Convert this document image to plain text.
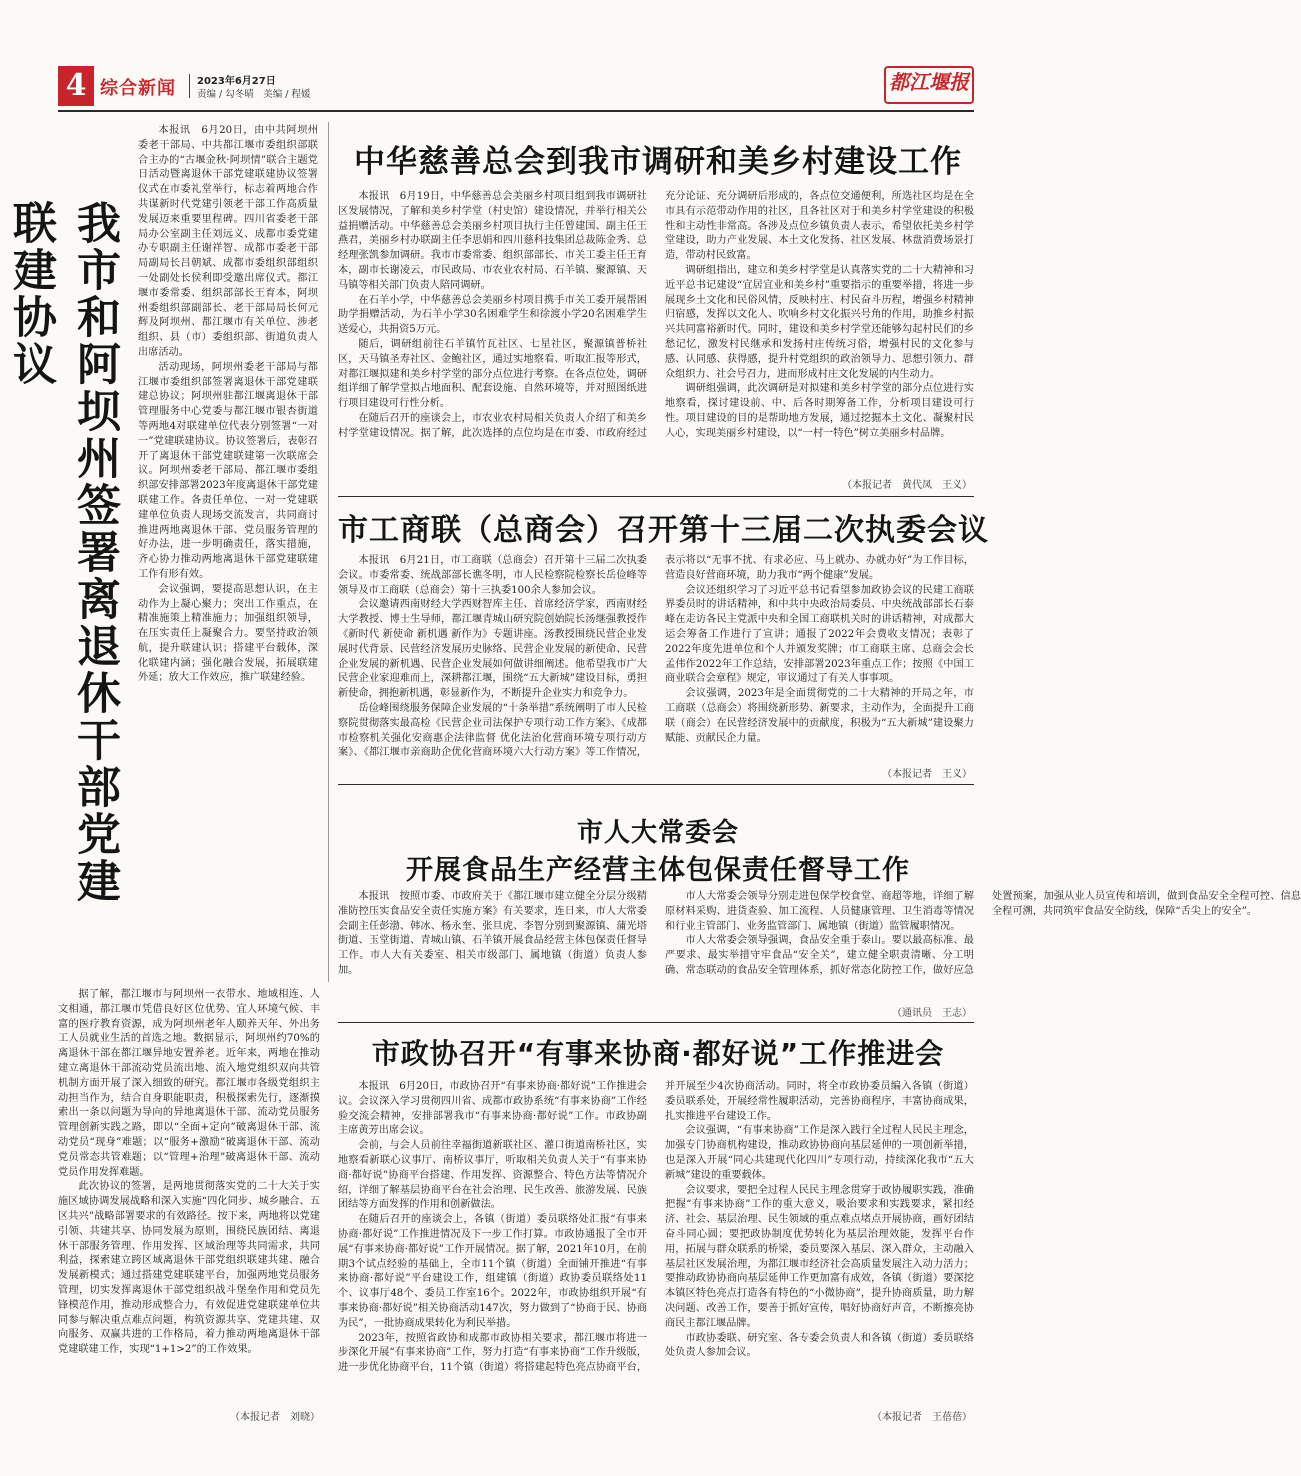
4 综合新闻 2023年6月27日
责编 / 勾冬晴　美编 / 程媛
都江堰报
我市和阿坝州签署离退休干部党建联建协议

本报讯　6月20日，由中共阿坝州委老干部局、中共都江堰市委组织部联合主办的“古堰金秋·阿坝情”联合主题党日活动暨离退休干部党建联建协议签署仪式在市委礼堂举行，标志着两地合作共谋新时代党建引领老干部工作高质量发展迈来重要里程碑。四川省委老干部局办公室副主任刘远义、成都市委党建办专职副主任谢祥智、成都市委老干部局副局长吕朝斌、成都市委组织部组织一处副处长侯利即受邀出席仪式。都江堰市委常委、组织部部长王育本，阿坝州委组织部副部长、老干部局局长何元辉及阿坝州、都江堰市有关单位、涉老组织、县（市）委组织部、街道负责人出席活动。

活动现场，阿坝州委老干部局与都江堰市委组织部签署离退休干部党建联建总协议；阿坝州驻都江堰离退休干部管理服务中心党委与都江堰市银杏街道等两地4对联建单位代表分别签署“一对一”党建联建协议。协议签署后，表彰召开了离退休干部党建联建第一次联席会议。阿坝州委老干部局、都江堰市委组织部安排部署2023年度离退休干部党建联建工作。各责任单位、一对一党建联建单位负责人现场交流发言，共同商讨推进两地离退休干部、党员服务管理的好办法，进一步明确责任，落实措施，齐心协力推动两地离退休干部党建联建工作有形有效。

会议强调，要提高思想认识，在主动作为上凝心聚力；突出工作重点，在精准施策上精准施力；加强组织领导，在压实责任上凝聚合力。要坚持政治领航，提升联建认识；搭建平台载体，深化联建内涵；强化融合发展，拓展联建外延；放大工作效应，推广联建经验。

据了解，都江堰市与阿坝州一衣带水、地域相连、人文相通，都江堰市凭借良好区位优势、宜人环境气候、丰富的医疗教育资源，成为阿坝州老年人颐养天年、外出务工人员就业生活的首选之地。数据显示，阿坝州约70%的离退休干部在都江堰异地安置养老。近年来，两地在推动建立离退休干部流动党员流出地、流入地党组织双向共管机制方面开展了深入细致的研究。都江堰市各级党组织主动担当作为，结合自身职能职责，积极探索先行，逐渐摸索出一条以问题为导向的异地离退休干部、流动党员服务管理创新实践之路，即以“全面+定向”破离退休干部、流动党员“现身”难题；以“服务+激励”破离退休干部、流动党员常态共管难题；以“管理+治理”破离退休干部、流动党员作用发挥难题。

此次协议的签署，是两地贯彻落实党的二十大关于实施区域协调发展战略和深入实施“四化同步、城乡融合、五区共兴”战略部署要求的有效路径。按下来，两地将以党建引领、共建共享、协同发展为原则，围绕民族团结、离退休干部服务管理、作用发挥、区域治理等共同需求，共同利益，探索建立跨区域离退休干部党组织联建共建、融合发展新模式；通过搭建党建联建平台，加强两地党员服务管理，切实发挥离退休干部党组织战斗堡垒作用和党员先锋模范作用，推动形成整合力，有效促进党建联建单位共同参与解决重点难点问题，构筑资源共享、党建共建、双向服务、双赢共进的工作格局，着力推动两地离退休干部党建联建工作，实现“1+1>2”的工作效果。

（本报记者　刘晓）
中华慈善总会到我市调研和美乡村建设工作

本报讯　6月19日，中华慈善总会美丽乡村项目组到我市调研社区发展情况，了解和美乡村学堂（村史馆）建设情况，并举行相关公益捐赠活动。中华慈善总会美丽乡村项目执行主任曾建国、副主任王燕君，美丽乡村办联副主任李思娟和四川慈科技集团总裁陈金秀、总经理张凯参加调研。我市市委常委、组织部部长、市关工委主任王育本，副市长谢凌云，市民政局、市农业农村局、石羊镇、聚源镇、天马镇等相关部门负责人陪同调研。

在石羊小学，中华慈善总会美丽乡村项目携手市关工委开展帮困助学捐赠活动，为石羊小学30名困难学生和徐渡小学20名困难学生送爱心，共捐资5万元。

随后，调研组前往石羊镇竹瓦社区、七星社区，聚源镇普桥社区，天马镇圣寿社区、金鲍社区，通过实地察看、听取汇报等形式，对都江堰拟建和美乡村学堂的部分点位进行考察。在各点位处，调研组详细了解学堂拟占地面积、配套设施、自然环境等，并对照图纸进行项目建设可行性分析。

在随后召开的座谈会上，市农业农村局相关负责人介绍了和美乡村学堂建设情况。据了解，此次选择的点位均是在市委、市政府经过充分论证、充分调研后形成的，各点位交通便利，所选社区均是在全市具有示范带动作用的社区，且各社区对于和美乡村学堂建设的积极性和主动性非常高。各涉及点位乡镇负责人表示，希望依托美乡村学堂建设，助力产业发展、本土文化发扬、社区发展、林盘消费场景打造，带动村民致富。

调研组指出，建立和美乡村学堂是认真落实党的二十大精神和习近平总书记建设“宜居宜业和美乡村”重要指示的重要举措，将进一步展现乡土文化和民俗风情，反映村庄、村民奋斗历程，增强乡村精神归宿感，发挥以文化人、吹响乡村文化振兴号角的作用，助推乡村振兴共同富裕新时代。同时，建设和美乡村学堂还能够勾起村民们的乡愁记忆，激发村民继承和发扬村庄传统习俗，增强村民的文化参与感、认同感、获得感，提升村党组织的政治领导力、思想引领力、群众组织力、社会号召力，进而形成村庄文化发展的内生动力。

调研组强调，此次调研是对拟建和美乡村学堂的部分点位进行实地察看，探讨建设前、中、后各时期筹备工作，分析项目建设可行性。项目建设的目的是帮助地方发展，通过挖掘本土文化、凝聚村民人心，实现美丽乡村建设，以“一村一特色”树立美丽乡村品牌。

（本报记者　黄代凤　王义）
市工商联（总商会）召开第十三届二次执委会议

本报讯　6月21日，市工商联（总商会）召开第十三届二次执委会议。市委常委、统战部部长谯冬明，市人民检察院检察长岳俭峰等领导及市工商联（总商会）第十三执委100余人参加会议。

会议邀请西南财经大学西财智库主任、首席经济学家，西南财经大学教授、博士生导师，都江堰青城山研究院创始院长汤继强教授作《新时代 新使命 新机遇 新作为》专题讲座。汤教授围绕民营企业发展时代背景、民营经济发展历史脉络、民营企业发展的新使命、民营企业发展的新机遇、民营企业发展如何做讲细阐述。他希望我市广大民营企业家迎难而上，深耕都江堰，围绕“五大新城”建设目标，勇担新使命，拥抱新机遇，彰显新作为，不断提升企业实力和竞争力。

岳俭峰围绕服务保障企业发展的“十条举措”系统阐明了市人民检察院贯彻落实最高检《民营企业司法保护专项行动工作方案》、《成都市检察机关强化安商惠企法律监督 优化法治化营商环境专项行动方案》、《都江堰市亲商助企优化营商环境六大行动方案》等工作情况，表示将以“无事不扰、有求必应、马上就办、办就办好”为工作目标，营造良好营商环境，助力我市“两个健康”发展。

会议还组织学习了习近平总书记看望参加政协会议的民建工商联界委员时的讲话精神，和中共中央政治局委员、中央统战部部长石泰峰在走访各民主党派中央和全国工商联机关时的讲话精神，对成都大运会筹备工作进行了宣讲；通报了2022年会费收支情况；表彰了2022年度先进单位和个人并颁发奖牌；市工商联主席、总商会会长孟伟作2022年工作总结，安排部署2023年重点工作；按照《中国工商业联合会章程》规定，审议通过了有关人事事项。

会议强调，2023年是全面贯彻党的二十大精神的开局之年，市工商联（总商会）将围绕新形势、新要求，主动作为，全面提升工商联（商会）在民营经济发展中的贡献度，积极为“五大新城”建设聚力赋能、贡献民企力量。

（本报记者　王义）
市人大常委会
开展食品生产经营主体包保责任督导工作

本报讯　按照市委、市政府关于《都江堰市建立健全分层分级精准防控压实食品安全责任实施方案》有关要求，连日来，市人大常委会副主任彭渤、韩冰、杨永奎、张旦虎、李智分别到聚源镇、蒲光塔街道、玉堂街道、青城山镇、石羊镇开展食品经营主体包保责任督导工作。市人大有关委室、相关市级部门、属地镇（街道）负责人参加。

市人大常委会领导分别走进包保学校食堂、商超等地，详细了解原材料采购、进货查验、加工流程、人员健康管理、卫生消毒等情况和行业主管部门、业务监管部门、属地镇（街道）监管履职情况。

市人大常委会领导强调，食品安全重于泰山。要以最高标准、最严要求、最实举措守牢食品“安全关”，建立健全职责清晰、分工明确、常态联动的食品安全管理体系，抓好常态化防控工作，做好应急处置预案，加强从业人员宣传和培训，做到食品安全全程可控、信息全程可溯，共同筑牢食品安全防线，保障“舌尖上的安全”。

（通讯员　王志）
市政协召开“有事来协商·都好说”工作推进会

本报讯　6月20日，市政协召开“有事来协商·都好说”工作推进会议。会议深入学习贯彻四川省、成都市政协系统“有事来协商”工作经验交流会精神，安排部署我市“有事来协商·都好说”工作。市政协副主席黄芳出席会议。

会前，与会人员前往幸福街道新联社区、灌口街道南桥社区，实地察看新联心议事厅、南桥议事厅，听取相关负责人关于“有事来协商·都好说”协商平台搭建、作用发挥、资源整合、特色方法等情况介绍，详细了解基层协商平台在社会治理、民生改善、旅游发展、民族团结等方面发挥的作用和创新做法。

在随后召开的座谈会上，各镇（街道）委员联络处汇报“有事来协商·都好说”工作推进情况及下一步工作打算。市政协通报了全市开展“有事来协商·都好说”工作开展情况。据了解，2021年10月，在前期3个试点经验的基础上，全市11个镇（街道）全面铺开推进“有事来协商·都好说”平台建设工作，组建镇（街道）政协委员联络处11个、议事厅48个、委员工作室16个。2022年，市政协组织开展“有事来协商·都好说”相关协商活动147次，努力做到了“协商于民、协商为民”，一批协商成果转化为利民举措。

2023年，按照省政协和成都市政协相关要求，都江堰市将进一步深化开展“有事来协商”工作，努力打造“有事来协商”工作升级版，进一步优化协商平台，11个镇（街道）将搭建起特色亮点协商平台，并开展至少4次协商活动。同时，将全市政协委员编入各镇（街道）委员联系处，开展经常性履职活动，完善协商程序，丰富协商成果，扎实推进平台建设工作。

会议强调，“有事来协商”工作是深入践行全过程人民民主理念，加强专门协商机构建设，推动政协协商向基层延伸的一项创新举措，也是深入开展“同心共建现代化四川”专项行动，持续深化我市“五大新城”建设的重要载体。

会议要求，要把全过程人民民主理念贯穿于政协履职实践，准确把握“有事来协商”工作的重大意义，吸治要求和实践要求，紧扣经济、社会、基层治理、民生领域的重点难点堵点开展协商，画好团结奋斗同心圆；要把政协制度优势转化为基层治理效能，发挥平台作用，拓展与群众联系的桥梁，委员要深入基层、深入群众，主动融入基层社区发展治理，为都江堰市经济社会高质量发展注入动力活力；要推动政协协商向基层延伸工作更加富有成效，各镇（街道）要深挖本镇区特色亮点打造各有特色的“小微协商”，提升协商质量，助力解决问题、改善工作，要善于抓好宣传，唱好协商好声音，不断擦亮协商民主都江堰品牌。

市政协委联、研究室、各专委会负责人和各镇（街道）委员联络处负责人参加会议。

（本报记者　王蓓蓓）
